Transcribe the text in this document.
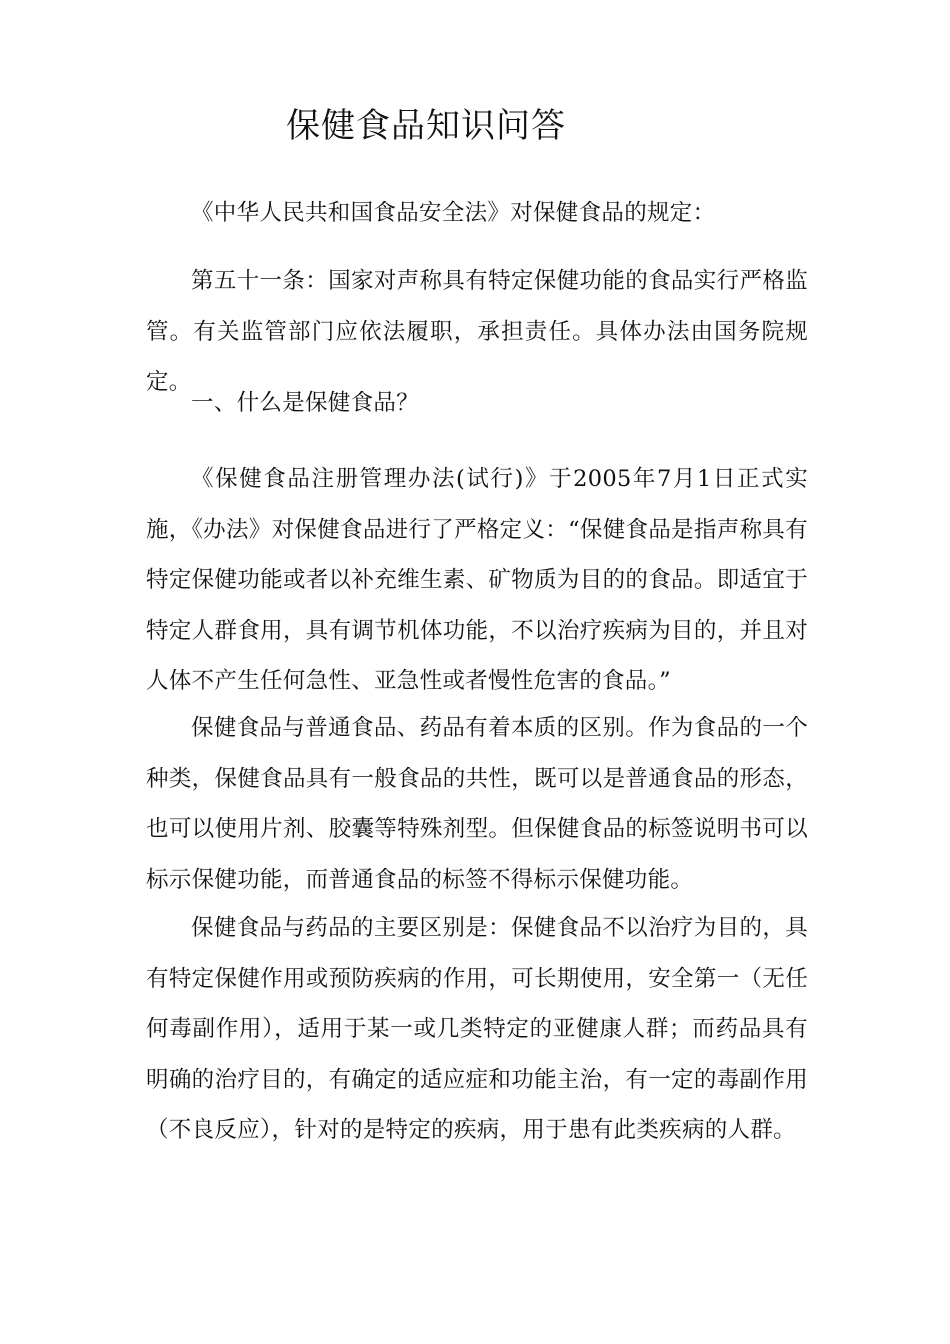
保健食品知识问答
《中华人民共和国食品安全法》对保健食品的规定：
第五十一条：国家对声称具有特定保健功能的食品实行严格监管。有关监管部门应依法履职，承担责任。具体办法由国务院规定。
一、什么是保健食品？
《保健食品注册管理办法(试行)》于2005年7月1日正式实施，《办法》对保健食品进行了严格定义：“保健食品是指声称具有特定保健功能或者以补充维生素、矿物质为目的的食品。即适宜于特定人群食用，具有调节机体功能，不以治疗疾病为目的，并且对人体不产生任何急性、亚急性或者慢性危害的食品。”
保健食品与普通食品、药品有着本质的区别。作为食品的一个种类，保健食品具有一般食品的共性，既可以是普通食品的形态，也可以使用片剂、胶囊等特殊剂型。但保健食品的标签说明书可以标示保健功能，而普通食品的标签不得标示保健功能。
保健食品与药品的主要区别是：保健食品不以治疗为目的，具有特定保健作用或预防疾病的作用，可长期使用，安全第一（无任何毒副作用），适用于某一或几类特定的亚健康人群；而药品具有明确的治疗目的，有确定的适应症和功能主治，有一定的毒副作用（不良反应），针对的是特定的疾病，用于患有此类疾病的人群。
